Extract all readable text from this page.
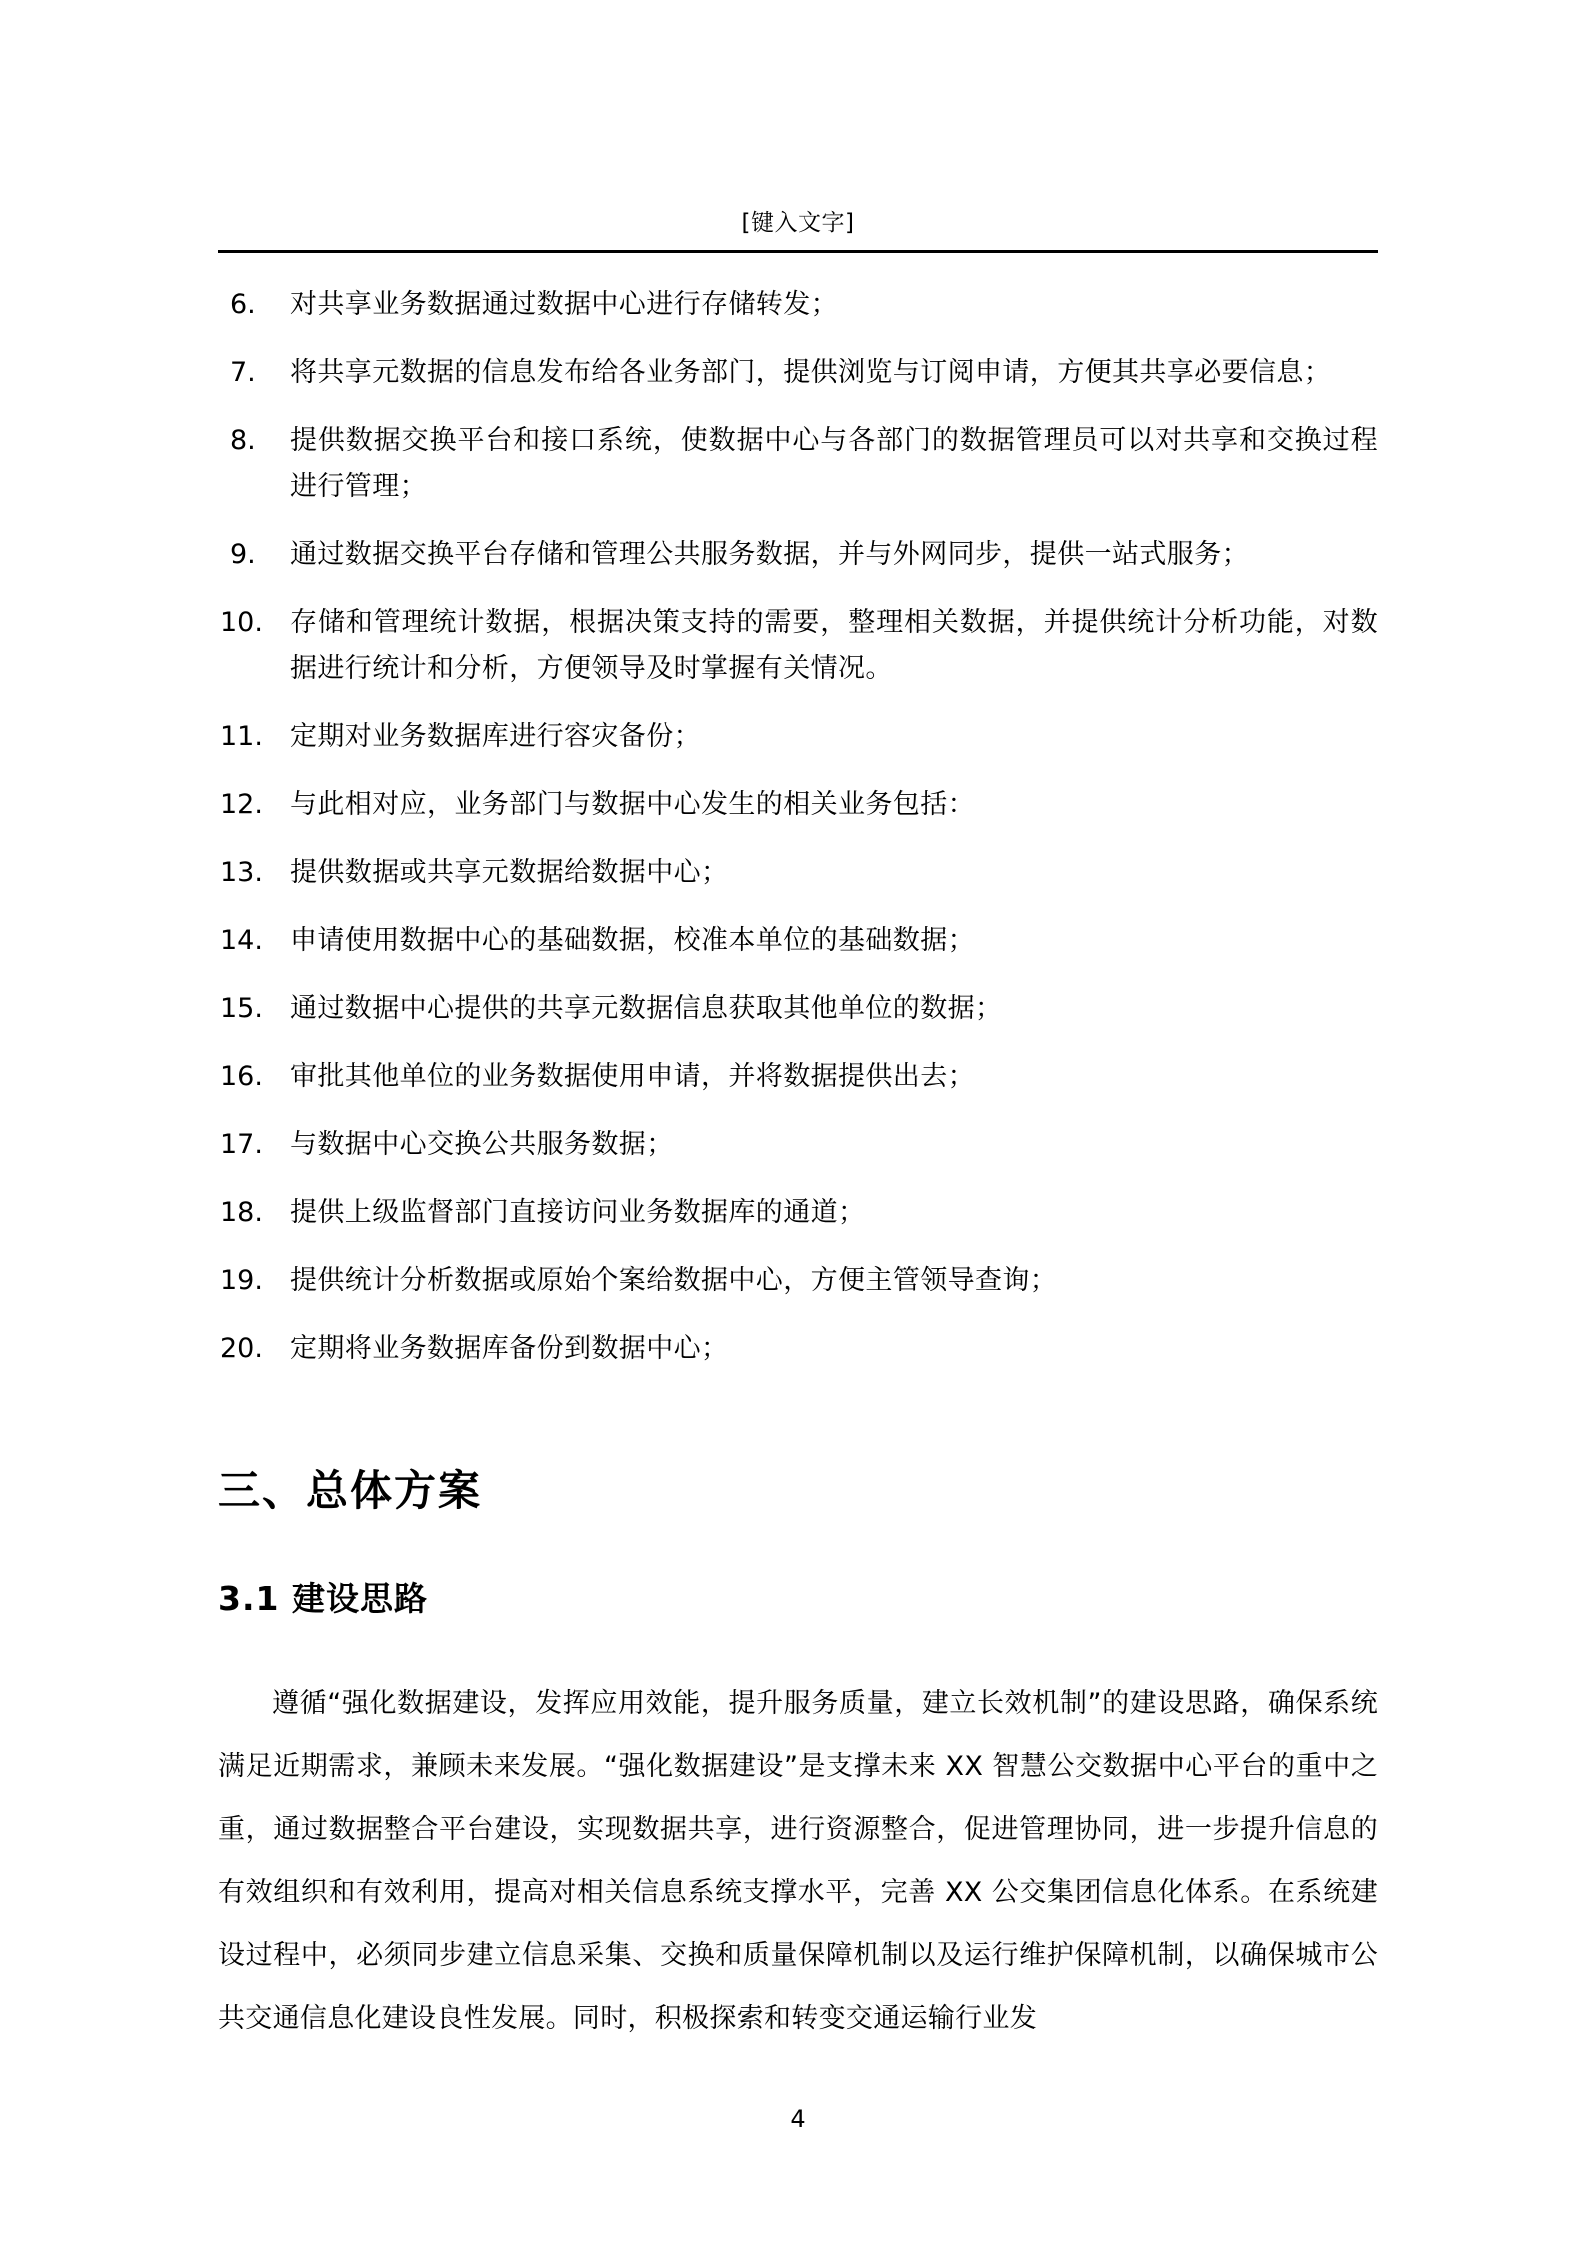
[键入文字]
6.	对共享业务数据通过数据中心进行存储转发；
7.	将共享元数据的信息发布给各业务部门，提供浏览与订阅申请，方便其共享必要信息；
8.	提供数据交换平台和接口系统，使数据中心与各部门的数据管理员可以对共享和交换过程进行管理；
9.	通过数据交换平台存储和管理公共服务数据，并与外网同步，提供一站式服务；
10.	存储和管理统计数据，根据决策支持的需要，整理相关数据，并提供统计分析功能，对数据进行统计和分析，方便领导及时掌握有关情况。
11.	定期对业务数据库进行容灾备份；
12.	与此相对应，业务部门与数据中心发生的相关业务包括：
13.	提供数据或共享元数据给数据中心；
14.	申请使用数据中心的基础数据，校准本单位的基础数据；
15.	通过数据中心提供的共享元数据信息获取其他单位的数据；
16.	审批其他单位的业务数据使用申请，并将数据提供出去；
17.	与数据中心交换公共服务数据；
18.	提供上级监督部门直接访问业务数据库的通道；
19.	提供统计分析数据或原始个案给数据中心，方便主管领导查询；
20.	定期将业务数据库备份到数据中心；
三、总体方案
3.1 建设思路
遵循“强化数据建设，发挥应用效能，提升服务质量，建立长效机制”的建设思路，确保系统满足近期需求，兼顾未来发展。“强化数据建设”是支撑未来 XX 智慧公交数据中心平台的重中之重，通过数据整合平台建设，实现数据共享，进行资源整合，促进管理协同，进一步提升信息的有效组织和有效利用，提高对相关信息系统支撑水平，完善 XX 公交集团信息化体系。在系统建设过程中，必须同步建立信息采集、交换和质量保障机制以及运行维护保障机制，以确保城市公共交通信息化建设良性发展。同时，积极探索和转变交通运输行业发
4
